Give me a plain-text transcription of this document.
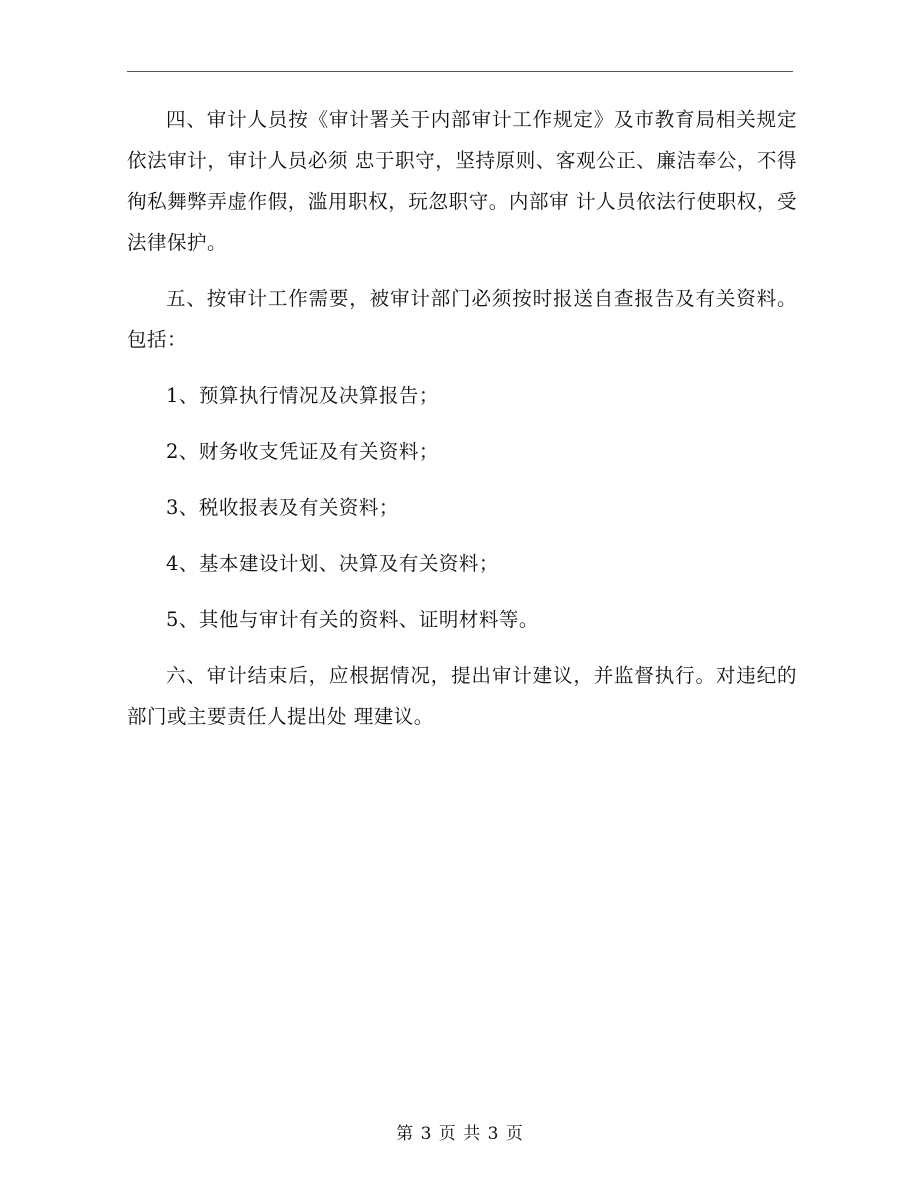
四、审计人员按《审计署关于内部审计工作规定》及市教育局相关规定依法审计，审计人员必须 忠于职守，坚持原则、客观公正、廉洁奉公，不得徇私舞弊弄虚作假，滥用职权，玩忽职守。内部审 计人员依法行使职权，受法律保护。

五、按审计工作需要，被审计部门必须按时报送自查报告及有关资料。包括：

1、预算执行情况及决算报告；

2、财务收支凭证及有关资料；

3、税收报表及有关资料；

4、基本建设计划、决算及有关资料；

5、其他与审计有关的资料、证明材料等。

六、审计结束后，应根据情况，提出审计建议，并监督执行。对违纪的部门或主要责任人提出处 理建议。

第 3 页 共 3 页
